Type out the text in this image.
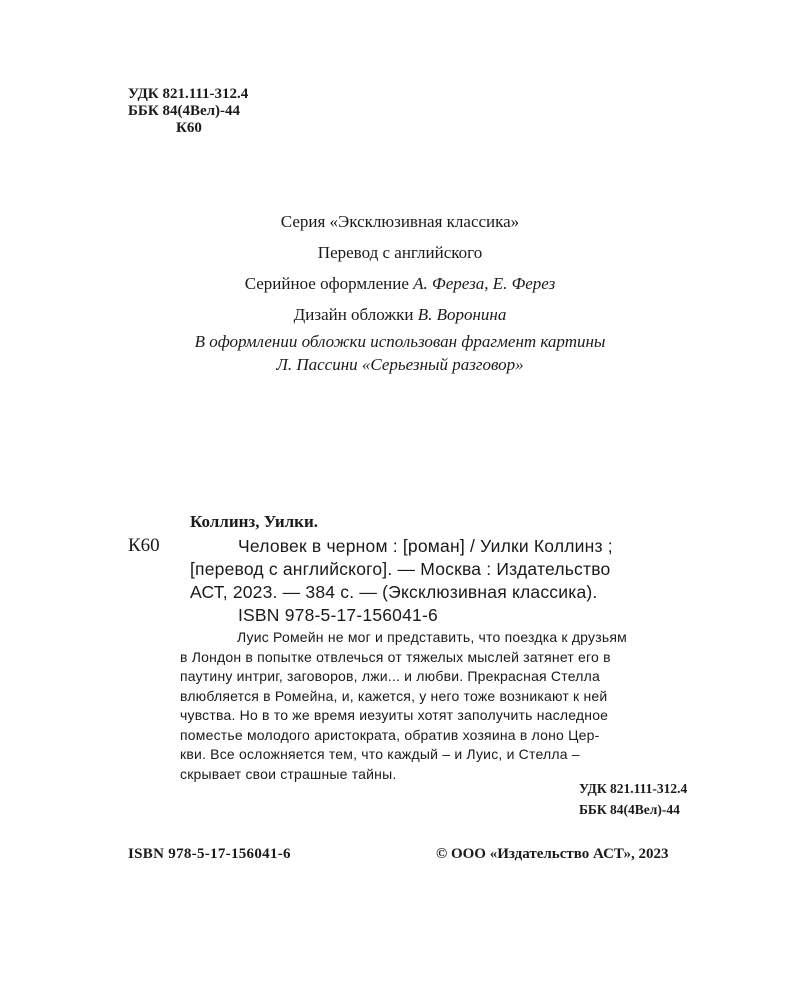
УДК 821.111-312.4
ББК 84(4Вел)-44
К60
Серия «Эксклюзивная классика»
Перевод с английского
Серийное оформление А. Фереза, Е. Ферез
Дизайн обложки В. Воронина
В оформлении обложки использован фрагмент картины
Л. Пассини «Серьезный разговор»
Коллинз, Уилки.
К60	Человек в черном : [роман] / Уилки Коллинз ;
[перевод с английского]. — Москва : Издательство
АСТ, 2023. — 384 с. — (Эксклюзивная классика).
ISBN 978-5-17-156041-6
Луис Ромейн не мог и представить, что поездка к друзьям
в Лондон в попытке отвлечься от тяжелых мыслей затянет его в
паутину интриг, заговоров, лжи... и любви. Прекрасная Стелла
влюбляется в Ромейна, и, кажется, у него тоже возникают к ней
чувства. Но в то же время иезуиты хотят заполучить наследное
поместье молодого аристократа, обратив хозяина в лоно Цер-
кви. Все осложняется тем, что каждый – и Луис, и Стелла –
скрывает свои страшные тайны.
УДК 821.111-312.4
ББК 84(4Вел)-44
ISBN 978-5-17-156041-6	© ООО «Издательство АСТ», 2023
